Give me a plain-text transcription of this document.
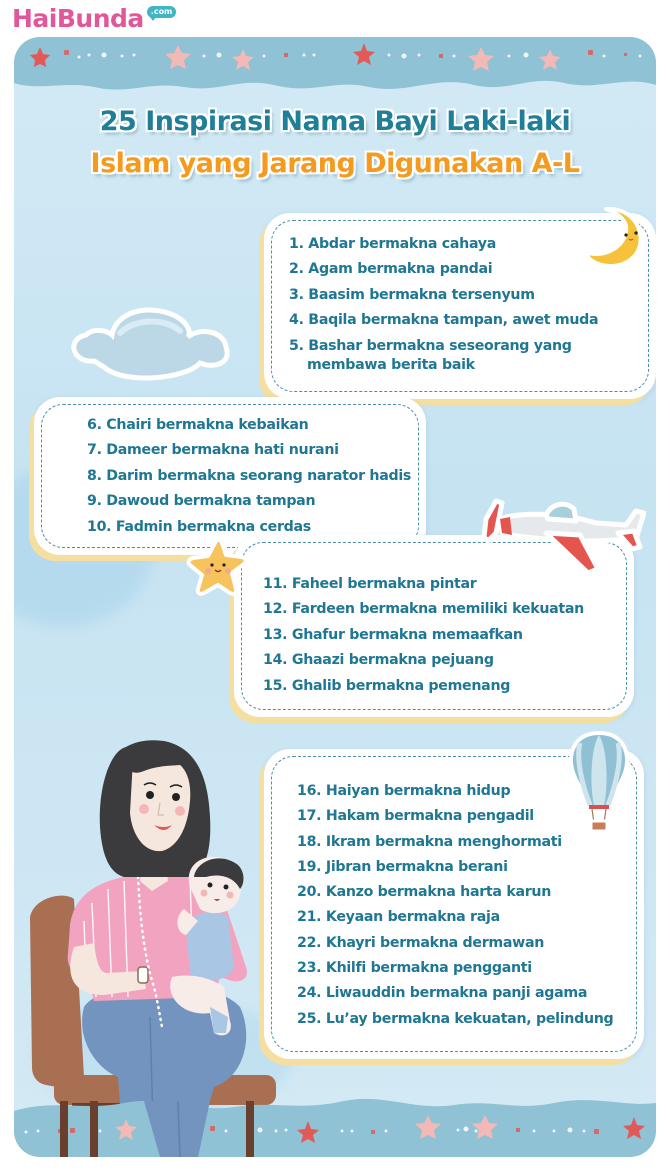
HaiBunda .com
25 Inspirasi Nama Bayi Laki-laki
Islam yang Jarang Digunakan A-L
1. Abdar bermakna cahaya
2. Agam bermakna pandai
3. Baasim bermakna tersenyum
4. Baqila bermakna tampan, awet muda
5. Bashar bermakna seseorang yang
membawa berita baik
6. Chairi bermakna kebaikan
7. Dameer bermakna hati nurani
8. Darim bermakna seorang narator hadis
9. Dawoud bermakna tampan
10. Fadmin bermakna cerdas
11. Faheel bermakna pintar
12. Fardeen bermakna memiliki kekuatan
13. Ghafur bermakna memaafkan
14. Ghaazi bermakna pejuang
15. Ghalib bermakna pemenang
16. Haiyan bermakna hidup
17. Hakam bermakna pengadil
18. Ikram bermakna menghormati
19. Jibran bermakna berani
20. Kanzo bermakna harta karun
21. Keyaan bermakna raja
22. Khayri bermakna dermawan
23. Khilfi bermakna pengganti
24. Liwauddin bermakna panji agama
25. Lu’ay bermakna kekuatan, pelindung
